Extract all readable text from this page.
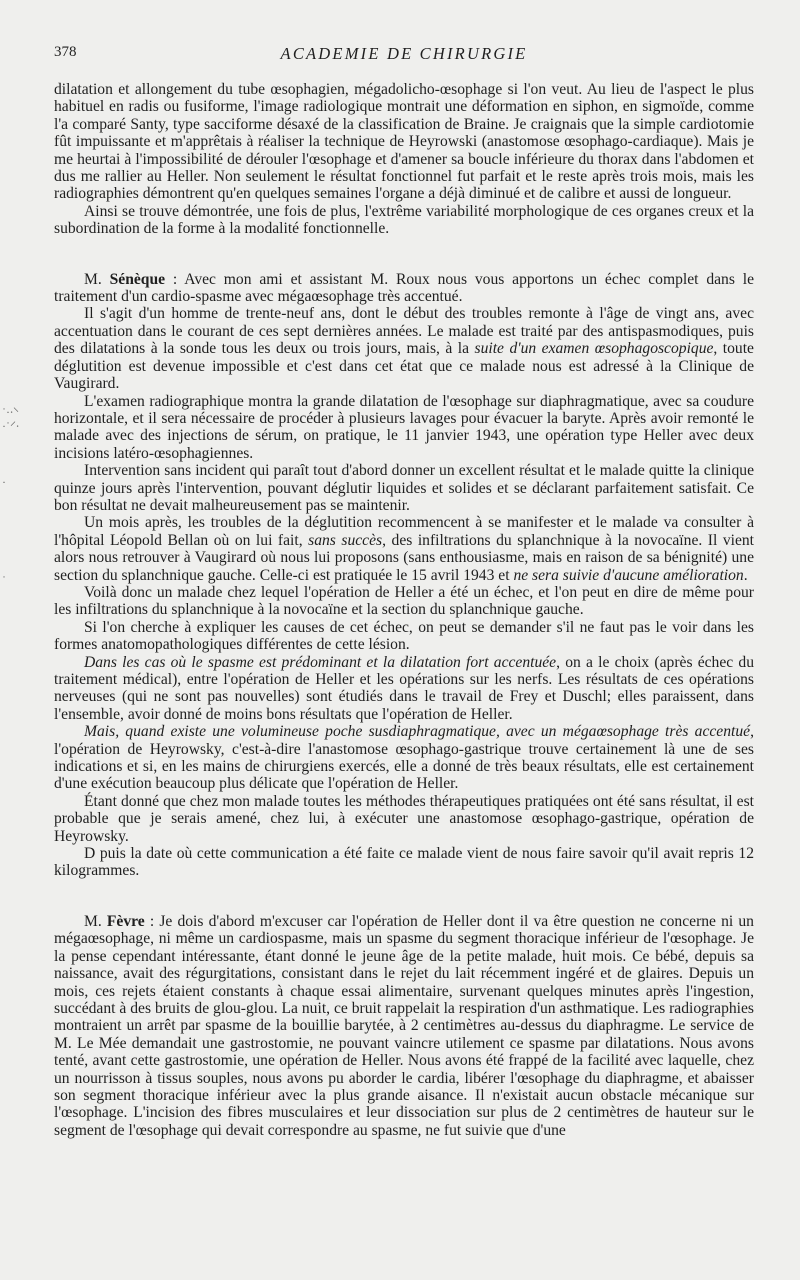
378	ACADEMIE DE CHIRURGIE
˙·∙⸌
·˙⸍∙

·

˙

dilatation et allongement du tube œsophagien, mégadolicho-œsophage si l'on veut. Au lieu de l'aspect le plus habituel en radis ou fusiforme, l'image radiologique montrait une déformation en siphon, en sigmoïde, comme l'a comparé Santy, type sacciforme désaxé de la classification de Braine. Je craignais que la simple cardiotomie fût impuissante et m'apprêtais à réaliser la technique de Heyrowski (anastomose œsophago-cardiaque). Mais je me heurtai à l'impossibilité de dérouler l'œsophage et d'amener sa boucle inférieure du thorax dans l'abdomen et dus me rallier au Heller. Non seulement le résultat fonctionnel fut parfait et le reste après trois mois, mais les radiographies démontrent qu'en quelques semaines l'organe a déjà diminué et de calibre et aussi de longueur.

Ainsi se trouve démontrée, une fois de plus, l'extrême variabilité morphologique de ces organes creux et la subordination de la forme à la modalité fonctionnelle.

M. Sénèque : Avec mon ami et assistant M. Roux nous vous apportons un échec complet dans le traitement d'un cardio-spasme avec mégaœsophage très accentué.

Il s'agit d'un homme de trente-neuf ans, dont le début des troubles remonte à l'âge de vingt ans, avec accentuation dans le courant de ces sept dernières années. Le malade est traité par des antispasmodiques, puis des dilatations à la sonde tous les deux ou trois jours, mais, à la suite d'un examen œsophagoscopique, toute déglutition est devenue impossible et c'est dans cet état que ce malade nous est adressé à la Clinique de Vaugirard.

L'examen radiographique montra la grande dilatation de l'œsophage sur diaphragmatique, avec sa coudure horizontale, et il sera nécessaire de procéder à plusieurs lavages pour évacuer la baryte. Après avoir remonté le malade avec des injections de sérum, on pratique, le 11 janvier 1943, une opération type Heller avec deux incisions latéro-œsophagiennes.

Intervention sans incident qui paraît tout d'abord donner un excellent résultat et le malade quitte la clinique quinze jours après l'intervention, pouvant déglutir liquides et solides et se déclarant parfaitement satisfait. Ce bon résultat ne devait malheureusement pas se maintenir.

Un mois après, les troubles de la déglutition recommencent à se manifester et le malade va consulter à l'hôpital Léopold Bellan où on lui fait, sans succès, des infiltrations du splanchnique à la novocaïne. Il vient alors nous retrouver à Vaugirard où nous lui proposons (sans enthousiasme, mais en raison de sa bénignité) une section du splanchnique gauche. Celle-ci est pratiquée le 15 avril 1943 et ne sera suivie d'aucune amélioration.

Voilà donc un malade chez lequel l'opération de Heller a été un échec, et l'on peut en dire de même pour les infiltrations du splanchnique à la novocaïne et la section du splanchnique gauche.

Si l'on cherche à expliquer les causes de cet échec, on peut se demander s'il ne faut pas le voir dans les formes anatomopathologiques différentes de cette lésion.

Dans les cas où le spasme est prédominant et la dilatation fort accentuée, on a le choix (après échec du traitement médical), entre l'opération de Heller et les opérations sur les nerfs. Les résultats de ces opérations nerveuses (qui ne sont pas nouvelles) sont étudiés dans le travail de Frey et Duschl; elles paraissent, dans l'ensemble, avoir donné de moins bons résultats que l'opération de Heller.

Mais, quand existe une volumineuse poche susdiaphragmatique, avec un mégaœsophage très accentué, l'opération de Heyrowsky, c'est-à-dire l'anastomose œsophago-gastrique trouve certainement là une de ses indications et si, en les mains de chirurgiens exercés, elle a donné de très beaux résultats, elle est certainement d'une exécution beaucoup plus délicate que l'opération de Heller.

Étant donné que chez mon malade toutes les méthodes thérapeutiques pratiquées ont été sans résultat, il est probable que je serais amené, chez lui, à exécuter une anastomose œsophago-gastrique, opération de Heyrowsky.

D puis la date où cette communication a été faite ce malade vient de nous faire savoir qu'il avait repris 12 kilogrammes.

M. Fèvre : Je dois d'abord m'excuser car l'opération de Heller dont il va être question ne concerne ni un mégaœsophage, ni même un cardiospasme, mais un spasme du segment thoracique inférieur de l'œsophage. Je la pense cependant intéressante, étant donné le jeune âge de la petite malade, huit mois. Ce bébé, depuis sa naissance, avait des régurgitations, consistant dans le rejet du lait récemment ingéré et de glaires. Depuis un mois, ces rejets étaient constants à chaque essai alimentaire, survenant quelques minutes après l'ingestion, succédant à des bruits de glou-glou. La nuit, ce bruit rappelait la respiration d'un asthmatique. Les radiographies montraient un arrêt par spasme de la bouillie barytée, à 2 centimètres au-dessus du diaphragme. Le service de M. Le Mée demandait une gastrostomie, ne pouvant vaincre utilement ce spasme par dilatations. Nous avons tenté, avant cette gastrostomie, une opération de Heller. Nous avons été frappé de la facilité avec laquelle, chez un nourrisson à tissus souples, nous avons pu aborder le cardia, libérer l'œsophage du diaphragme, et abaisser son segment thoracique inférieur avec la plus grande aisance. Il n'existait aucun obstacle mécanique sur l'œsophage. L'incision des fibres musculaires et leur dissociation sur plus de 2 centimètres de hauteur sur le segment de l'œsophage qui devait correspondre au spasme, ne fut suivie que d'une
